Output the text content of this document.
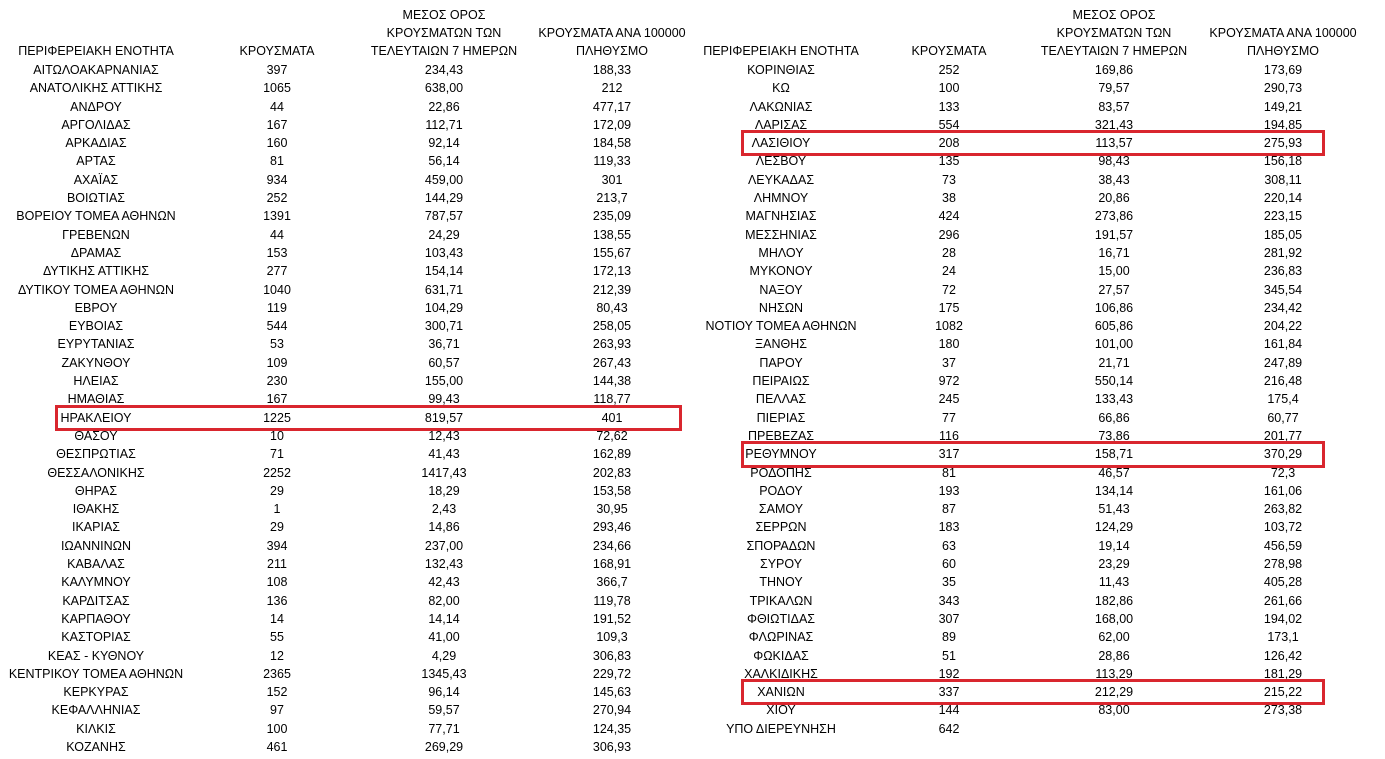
ΠΕΡΙΦΕΡΕΙΑΚΗ ΕΝΟΤΗΤΑ	ΚΡΟΥΣΜΑΤΑ
ΜΕΣΟΣ ΟΡΟΣ
ΚΡΟΥΣΜΑΤΩΝ ΤΩΝ
ΤΕΛΕΥΤΑΙΩΝ 7 ΗΜΕΡΩΝ
ΚΡΟΥΣΜΑΤΑ ΑΝΑ 100000
ΠΛΗΘΥΣΜΟ
ΑΙΤΩΛΟΑΚΑΡΝΑΝΙΑΣ	397	234,43	188,33
ΑΝΑΤΟΛΙΚΗΣ ΑΤΤΙΚΗΣ	1065	638,00	212
ΑΝΔΡΟΥ	44	22,86	477,17
ΑΡΓΟΛΙΔΑΣ	167	112,71	172,09
ΑΡΚΑΔΙΑΣ	160	92,14	184,58
ΑΡΤΑΣ	81	56,14	119,33
ΑΧΑΪΑΣ	934	459,00	301
ΒΟΙΩΤΙΑΣ	252	144,29	213,7
ΒΟΡΕΙΟΥ ΤΟΜΕΑ ΑΘΗΝΩΝ	1391	787,57	235,09
ΓΡΕΒΕΝΩΝ	44	24,29	138,55
ΔΡΑΜΑΣ	153	103,43	155,67
ΔΥΤΙΚΗΣ ΑΤΤΙΚΗΣ	277	154,14	172,13
ΔΥΤΙΚΟΥ ΤΟΜΕΑ ΑΘΗΝΩΝ	1040	631,71	212,39
ΕΒΡΟΥ	119	104,29	80,43
ΕΥΒΟΙΑΣ	544	300,71	258,05
ΕΥΡΥΤΑΝΙΑΣ	53	36,71	263,93
ΖΑΚΥΝΘΟΥ	109	60,57	267,43
ΗΛΕΙΑΣ	230	155,00	144,38
ΗΜΑΘΙΑΣ	167	99,43	118,77
ΗΡΑΚΛΕΙΟΥ	1225	819,57	401
ΘΑΣΟΥ	10	12,43	72,62
ΘΕΣΠΡΩΤΙΑΣ	71	41,43	162,89
ΘΕΣΣΑΛΟΝΙΚΗΣ	2252	1417,43	202,83
ΘΗΡΑΣ	29	18,29	153,58
ΙΘΑΚΗΣ	1	2,43	30,95
ΙΚΑΡΙΑΣ	29	14,86	293,46
ΙΩΑΝΝΙΝΩΝ	394	237,00	234,66
ΚΑΒΑΛΑΣ	211	132,43	168,91
ΚΑΛΥΜΝΟΥ	108	42,43	366,7
ΚΑΡΔΙΤΣΑΣ	136	82,00	119,78
ΚΑΡΠΑΘΟΥ	14	14,14	191,52
ΚΑΣΤΟΡΙΑΣ	55	41,00	109,3
ΚΕΑΣ - ΚΥΘΝΟΥ	12	4,29	306,83
ΚΕΝΤΡΙΚΟΥ ΤΟΜΕΑ ΑΘΗΝΩΝ	2365	1345,43	229,72
ΚΕΡΚΥΡΑΣ	152	96,14	145,63
ΚΕΦΑΛΛΗΝΙΑΣ	97	59,57	270,94
ΚΙΛΚΙΣ	100	77,71	124,35
ΚΟΖΑΝΗΣ	461	269,29	306,93
ΠΕΡΙΦΕΡΕΙΑΚΗ ΕΝΟΤΗΤΑ	ΚΡΟΥΣΜΑΤΑ
ΜΕΣΟΣ ΟΡΟΣ
ΚΡΟΥΣΜΑΤΩΝ ΤΩΝ
ΤΕΛΕΥΤΑΙΩΝ 7 ΗΜΕΡΩΝ
ΚΡΟΥΣΜΑΤΑ ΑΝΑ 100000
ΠΛΗΘΥΣΜΟ
ΚΟΡΙΝΘΙΑΣ	252	169,86	173,69
ΚΩ	100	79,57	290,73
ΛΑΚΩΝΙΑΣ	133	83,57	149,21
ΛΑΡΙΣΑΣ	554	321,43	194,85
ΛΑΣΙΘΙΟΥ	208	113,57	275,93
ΛΕΣΒΟΥ	135	98,43	156,18
ΛΕΥΚΑΔΑΣ	73	38,43	308,11
ΛΗΜΝΟΥ	38	20,86	220,14
ΜΑΓΝΗΣΙΑΣ	424	273,86	223,15
ΜΕΣΣΗΝΙΑΣ	296	191,57	185,05
ΜΗΛΟΥ	28	16,71	281,92
ΜΥΚΟΝΟΥ	24	15,00	236,83
ΝΑΞΟΥ	72	27,57	345,54
ΝΗΣΩΝ	175	106,86	234,42
ΝΟΤΙΟΥ ΤΟΜΕΑ ΑΘΗΝΩΝ	1082	605,86	204,22
ΞΑΝΘΗΣ	180	101,00	161,84
ΠΑΡΟΥ	37	21,71	247,89
ΠΕΙΡΑΙΩΣ	972	550,14	216,48
ΠΕΛΛΑΣ	245	133,43	175,4
ΠΙΕΡΙΑΣ	77	66,86	60,77
ΠΡΕΒΕΖΑΣ	116	73,86	201,77
ΡΕΘΥΜΝΟΥ	317	158,71	370,29
ΡΟΔΟΠΗΣ	81	46,57	72,3
ΡΟΔΟΥ	193	134,14	161,06
ΣΑΜΟΥ	87	51,43	263,82
ΣΕΡΡΩΝ	183	124,29	103,72
ΣΠΟΡΑΔΩΝ	63	19,14	456,59
ΣΥΡΟΥ	60	23,29	278,98
ΤΗΝΟΥ	35	11,43	405,28
ΤΡΙΚΑΛΩΝ	343	182,86	261,66
ΦΘΙΩΤΙΔΑΣ	307	168,00	194,02
ΦΛΩΡΙΝΑΣ	89	62,00	173,1
ΦΩΚΙΔΑΣ	51	28,86	126,42
ΧΑΛΚΙΔΙΚΗΣ	192	113,29	181,29
ΧΑΝΙΩΝ	337	212,29	215,22
ΧΙΟΥ	144	83,00	273,38
ΥΠΟ ΔΙΕΡΕΥΝΗΣΗ	642
